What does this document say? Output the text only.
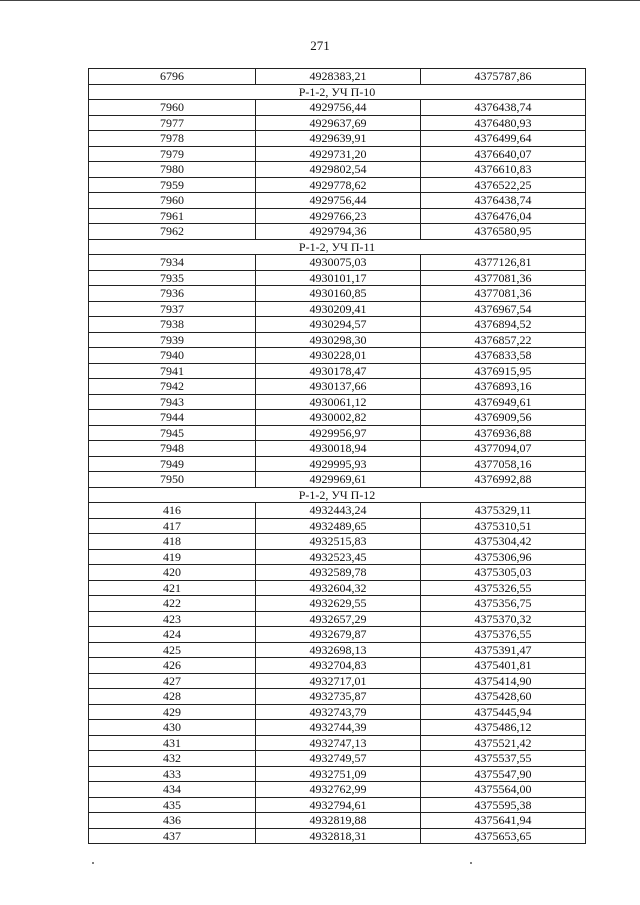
271
6796	4928383,21	4375787,86
Р-1-2, УЧ П-10		
7960	4929756,44	4376438,74
7977	4929637,69	4376480,93
7978	4929639,91	4376499,64
7979	4929731,20	4376640,07
7980	4929802,54	4376610,83
7959	4929778,62	4376522,25
7960	4929756,44	4376438,74
7961	4929766,23	4376476,04
7962	4929794,36	4376580,95
Р-1-2, УЧ П-11		
7934	4930075,03	4377126,81
7935	4930101,17	4377081,36
7936	4930160,85	4377081,36
7937	4930209,41	4376967,54
7938	4930294,57	4376894,52
7939	4930298,30	4376857,22
7940	4930228,01	4376833,58
7941	4930178,47	4376915,95
7942	4930137,66	4376893,16
7943	4930061,12	4376949,61
7944	4930002,82	4376909,56
7945	4929956,97	4376936,88
7948	4930018,94	4377094,07
7949	4929995,93	4377058,16
7950	4929969,61	4376992,88
Р-1-2, УЧ П-12		
416	4932443,24	4375329,11
417	4932489,65	4375310,51
418	4932515,83	4375304,42
419	4932523,45	4375306,96
420	4932589,78	4375305,03
421	4932604,32	4375326,55
422	4932629,55	4375356,75
423	4932657,29	4375370,32
424	4932679,87	4375376,55
425	4932698,13	4375391,47
426	4932704,83	4375401,81
427	4932717,01	4375414,90
428	4932735,87	4375428,60
429	4932743,79	4375445,94
430	4932744,39	4375486,12
431	4932747,13	4375521,42
432	4932749,57	4375537,55
433	4932751,09	4375547,90
434	4932762,99	4375564,00
435	4932794,61	4375595,38
436	4932819,88	4375641,94
437	4932818,31	4375653,65
